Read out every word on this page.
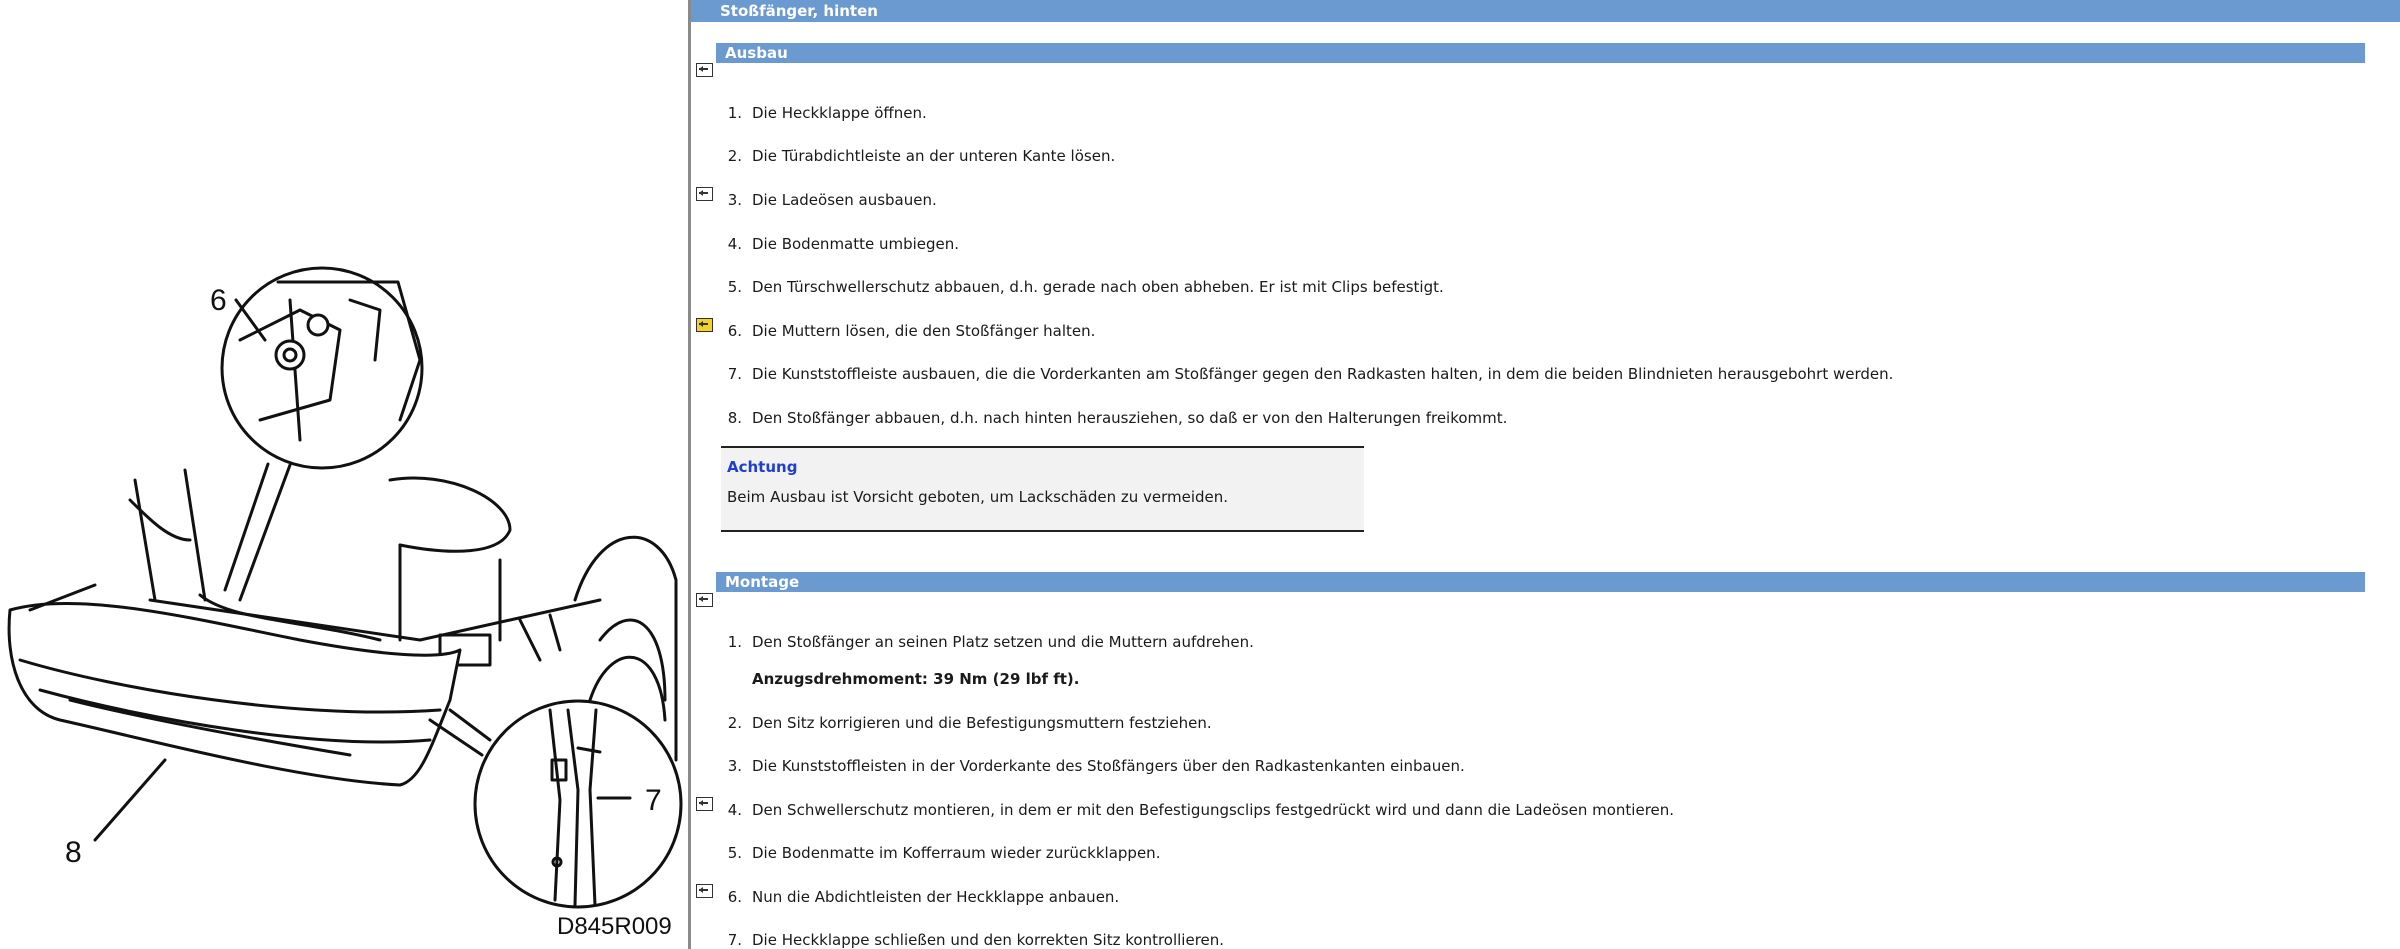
6
7
8
D845R009
Stoßfänger, hinten
Ausbau
1. Die Heckklappe öffnen.
2. Die Türabdichtleiste an der unteren Kante lösen.
3. Die Ladeösen ausbauen.
4. Die Bodenmatte umbiegen.
5. Den Türschwellerschutz abbauen, d.h. gerade nach oben abheben. Er ist mit Clips befestigt.
6. Die Muttern lösen, die den Stoßfänger halten.
7. Die Kunststoffleiste ausbauen, die die Vorderkanten am Stoßfänger gegen den Radkasten halten, in dem die beiden Blindnieten herausgebohrt werden.
8. Den Stoßfänger abbauen, d.h. nach hinten herausziehen, so daß er von den Halterungen freikommt.
Achtung
Beim Ausbau ist Vorsicht geboten, um Lackschäden zu vermeiden.
Montage
1. Den Stoßfänger an seinen Platz setzen und die Muttern aufdrehen.
Anzugsdrehmoment: 39 Nm (29 lbf ft).
2. Den Sitz korrigieren und die Befestigungsmuttern festziehen.
3. Die Kunststoffleisten in der Vorderkante des Stoßfängers über den Radkastenkanten einbauen.
4. Den Schwellerschutz montieren, in dem er mit den Befestigungsclips festgedrückt wird und dann die Ladeösen montieren.
5. Die Bodenmatte im Kofferraum wieder zurückklappen.
6. Nun die Abdichtleisten der Heckklappe anbauen.
7. Die Heckklappe schließen und den korrekten Sitz kontrollieren.
